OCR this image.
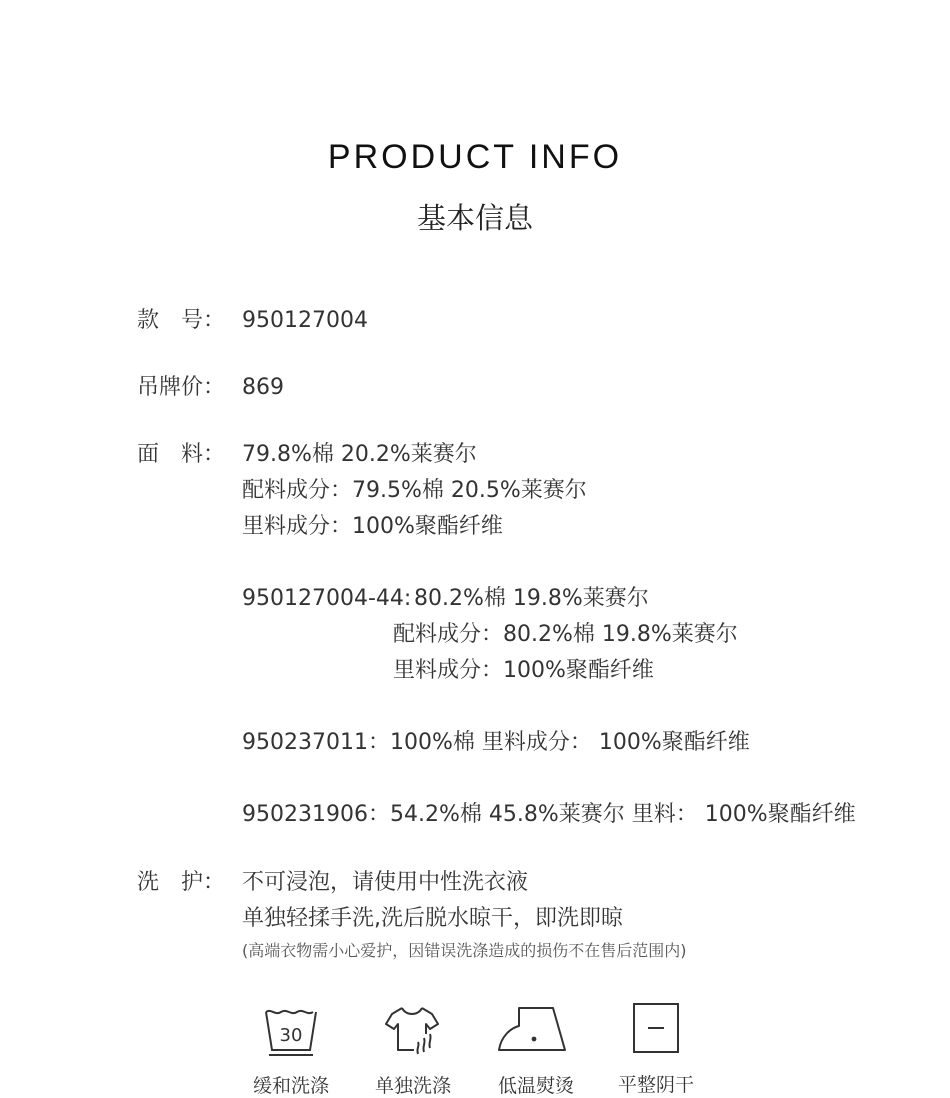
PRODUCT INFO
基本信息
款　号： 950127004
吊牌价： 869
面　料： 79.8%棉 20.2%莱赛尔
配料成分：79.5%棉 20.5%莱赛尔
里料成分：100%聚酯纤维
950127004-44: 80.2%棉 19.8%莱赛尔
配料成分：80.2%棉 19.8%莱赛尔
里料成分：100%聚酯纤维
950237011：100%棉 里料成分： 100%聚酯纤维
950231906：54.2%棉 45.8%莱赛尔 里料： 100%聚酯纤维
洗　护： 不可浸泡，请使用中性洗衣液
单独轻揉手洗,洗后脱水晾干，即洗即晾
(高端衣物需小心爱护，因错误洗涤造成的损伤不在售后范围内)
30
缓和洗涤	单独洗涤	低温熨烫	平整阴干
